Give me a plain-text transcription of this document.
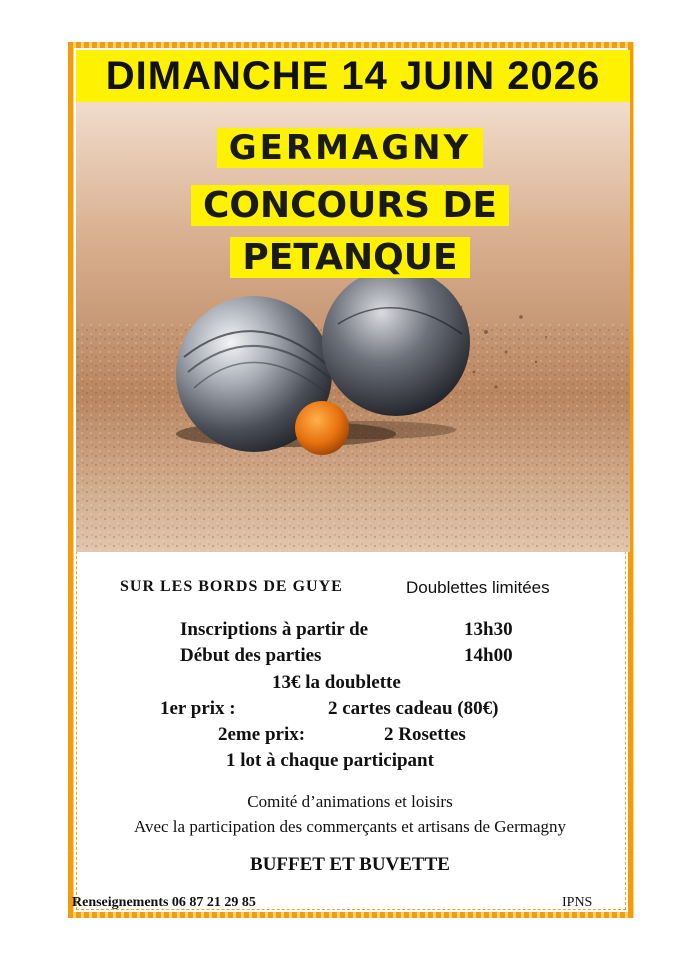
DIMANCHE 14 JUIN 2026
GERMAGNY
CONCOURS DE
PETANQUE
SUR LES BORDS DE GUYE	Doublettes limitées
Inscriptions à partir de	13h30
Début des parties	14h00
13€ la doublette
1er prix :	2 cartes cadeau (80€)
2eme prix:	2 Rosettes
1 lot à chaque participant
Comité d’animations et loisirs
Avec la participation des commerçants et artisans de Germagny
BUFFET ET BUVETTE
Renseignements 06 87 21 29 85	IPNS
